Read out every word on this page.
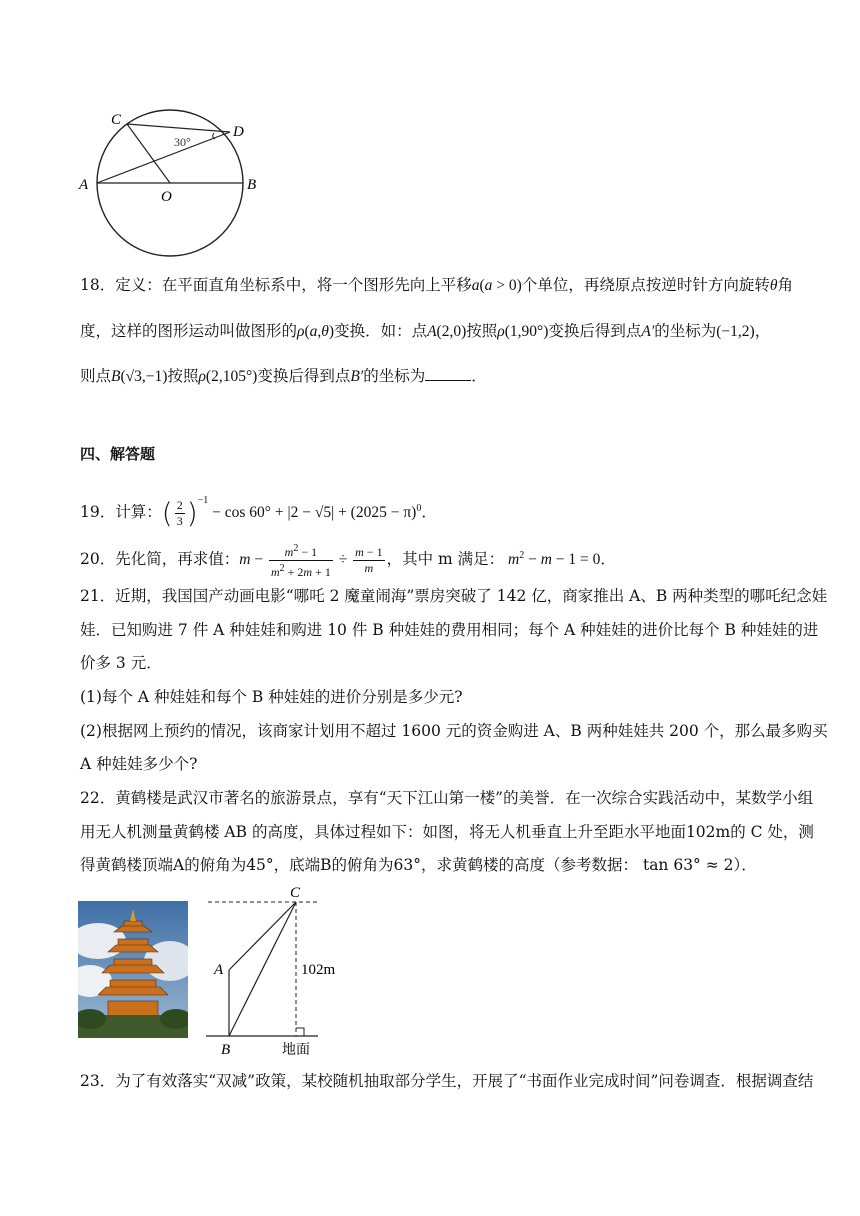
C
D
A
O
B
30°
18．定义：在平面直角坐标系中，将一个图形先向上平移a(a > 0)个单位，再绕原点按逆时针方向旋转θ角
度，这样的图形运动叫做图形的ρ(a,θ)变换．如：点A(2,0)按照ρ(1,90°)变换后得到点A′的坐标为(−1,2)，
则点B(√3,−1)按照ρ(2,105°)变换后得到点B′的坐标为	．
四、解答题
19．计算：( $\frac{2}{3} )^{-1} - \cos 60^\circ + |2 - √5| + (2025 - \pi)^0$．
20．先化简，再求值：$m - \frac{m^2 - 1}{m^2 + 2m + 1} \div \frac{m - 1}{m}$ ，其中 m 满足： $m^2 - m - 1 = 0$．
21．近期，我国国产动画电影“哪吒 2 魔童闹海”票房突破了 142 亿，商家推出 A、B 两种类型的哪吒纪念娃
娃．已知购进 7 件 A 种娃娃和购进 10 件 B 种娃娃的费用相同；每个 A 种娃娃的进价比每个 B 种娃娃的进
价多 3 元．
(1)每个 A 种娃娃和每个 B 种娃娃的进价分别是多少元?
(2)根据网上预约的情况，该商家计划用不超过 1600 元的资金购进 A、B 两种娃娃共 200 个，那么最多购买
A 种娃娃多少个?
22．黄鹤楼是武汉市著名的旅游景点，享有“天下江山第一楼”的美誉．在一次综合实践活动中，某数学小组
用无人机测量黄鹤楼 AB 的高度，具体过程如下：如图，将无人机垂直上升至距水平地面102m的 C 处，测
得黄鹤楼顶端A的俯角为45°，底端B的俯角为63°，求黄鹤楼的高度（参考数据： tan 63° ≈ 2）．
C
A
B
102m
地面
23．为了有效落实“双减”政策，某校随机抽取部分学生，开展了“书面作业完成时间”问卷调查．根据调查结
